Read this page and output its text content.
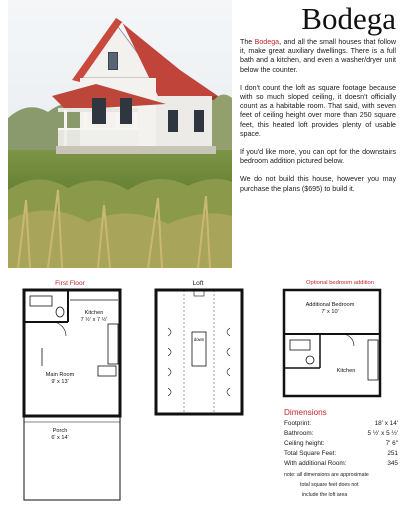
Bodega

The Bodega, and all the small houses that follow it, make great auxiliary dwellings. There is a full bath and a kitchen, and even a washer/dryer unit below the counter.

I don't count the loft as square footage because with so much sloped ceiling, it doesn't officially count as a habitable room. That said, with seven feet of ceiling height over more than 250 square feet, this heated loft provides plenty of usable space.

If you'd like more, you can opt for the downstairs bedroom addition pictured below.

We do not build this house, however you may purchase the plans ($695) to build it.

First Floor	Loft	Optional bedroom addition
Kitchen
7 ½' x 7 ½'
Main Room
9' x 13'
Porch
6' x 14'
down
Additional Bedroom
7' x 10'
Kitchen
Dimensions
Footprint:	18' x 14'
Bathroom:	5 ½' x 5 ½'
Ceiling height:	7' 6"
Total Square Feet:	251
With additional Room:	345
note: all dimensions are approximate
total square feet does not
include the loft area
